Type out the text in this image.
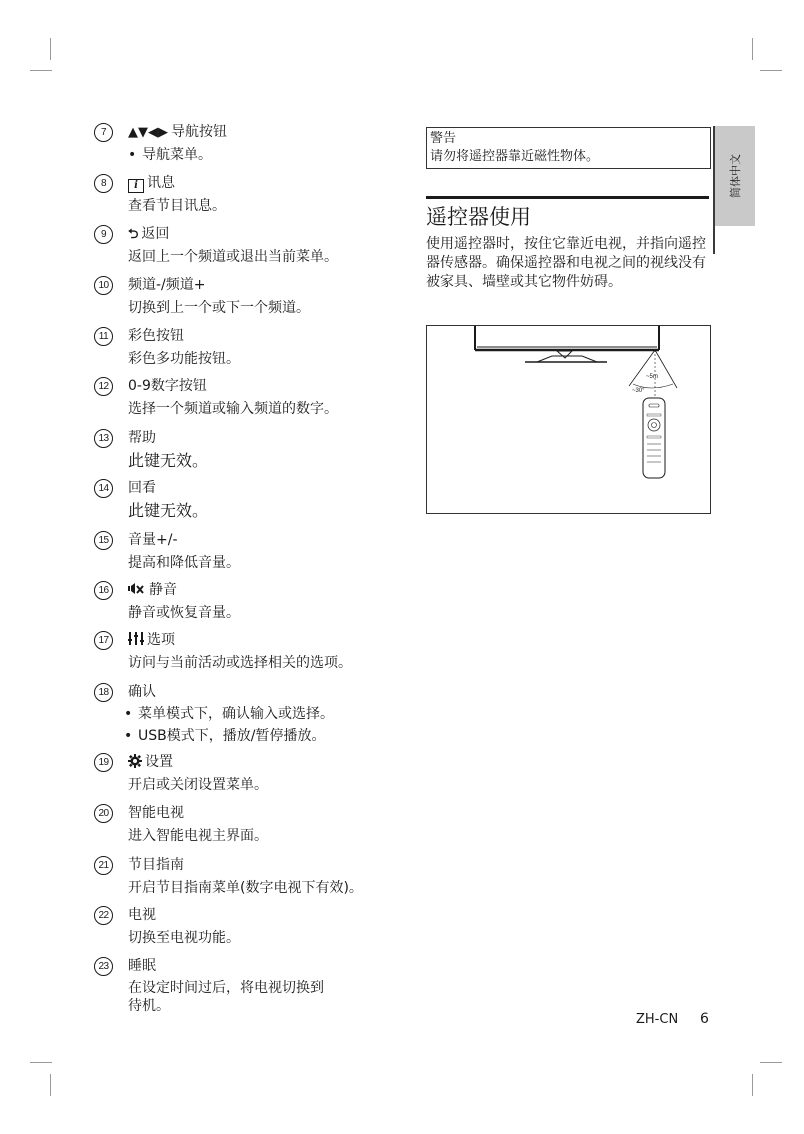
7	▲▼◀▶ 导航按钮
• 导航菜单。
8	i 讯息
查看节目讯息。
9	⮌ 返回
返回上一个频道或退出当前菜单。
10	频道-/频道+
切换到上一个或下一个频道。
11	彩色按钮
彩色多功能按钮。
12	0-9数字按钮
选择一个频道或输入频道的数字。
13	帮助
此键无效。
14	回看
此键无效。
15	音量+/-
提高和降低音量。
16	静音
静音或恢复音量。
17	选项
访问与当前活动或选择相关的选项。
18	确认
• 菜单模式下，确认输入或选择。
• USB模式下，播放/暂停播放。
19	设置
开启或关闭设置菜单。
20	智能电视
进入智能电视主界面。
21	节目指南
开启节目指南菜单(数字电视下有效)。
22	电视
切换至电视功能。
23	睡眠
在设定时间过后，将电视切换到
待机。
警告
请勿将遥控器靠近磁性物体。
遥控器使用
使用遥控器时，按住它靠近电视，并指向遥控器传感器。确保遥控器和电视之间的视线没有被家具、墙壁或其它物件妨碍。
~5m
~30°
简体中文
ZH-CN 6
